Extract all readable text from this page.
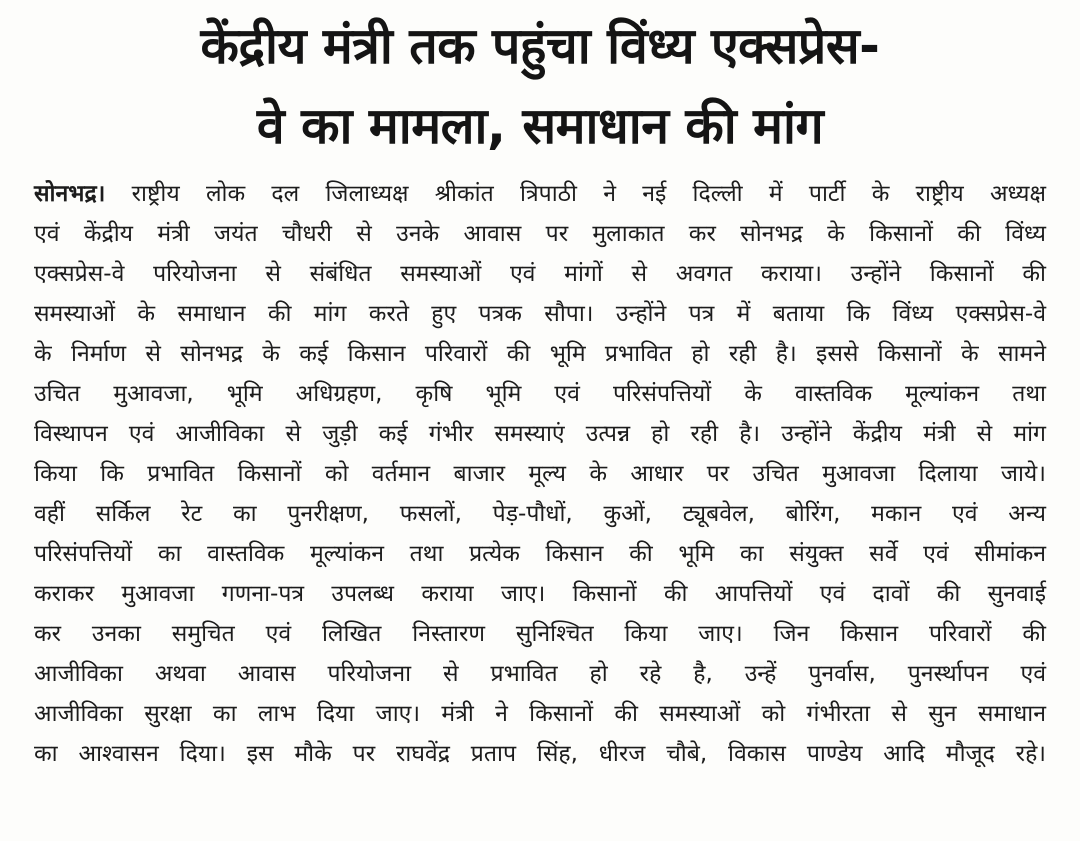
केंद्रीय मंत्री तक पहुंचा विंध्य एक्सप्रेस-
वे का मामला, समाधान की मांग
सोनभद्र। राष्ट्रीय लोक दल जिलाध्यक्ष श्रीकांत त्रिपाठी ने नई दिल्ली में पार्टी के राष्ट्रीय अध्यक्ष
एवं केंद्रीय मंत्री जयंत चौधरी से उनके आवास पर मुलाकात कर सोनभद्र के किसानों की विंध्य
एक्सप्रेस-वे परियोजना से संबंधित समस्याओं एवं मांगों से अवगत कराया। उन्होंने किसानों की
समस्याओं के समाधान की मांग करते हुए पत्रक सौपा। उन्होंने पत्र में बताया कि विंध्य एक्सप्रेस-वे
के निर्माण से सोनभद्र के कई किसान परिवारों की भूमि प्रभावित हो रही है। इससे किसानों के सामने
उचित मुआवजा, भूमि अधिग्रहण, कृषि भूमि एवं परिसंपत्तियों के वास्तविक मूल्यांकन तथा
विस्थापन एवं आजीविका से जुड़ी कई गंभीर समस्याएं उत्पन्न हो रही है। उन्होंने केंद्रीय मंत्री से मांग
किया कि प्रभावित किसानों को वर्तमान बाजार मूल्य के आधार पर उचित मुआवजा दिलाया जाये।
वहीं सर्किल रेट का पुनरीक्षण, फसलों, पेड़-पौधों, कुओं, ट्यूबवेल, बोरिंग, मकान एवं अन्य
परिसंपत्तियों का वास्तविक मूल्यांकन तथा प्रत्येक किसान की भूमि का संयुक्त सर्वे एवं सीमांकन
कराकर मुआवजा गणना-पत्र उपलब्ध कराया जाए। किसानों की आपत्तियों एवं दावों की सुनवाई
कर उनका समुचित एवं लिखित निस्तारण सुनिश्चित किया जाए। जिन किसान परिवारों की
आजीविका अथवा आवास परियोजना से प्रभावित हो रहे है, उन्हें पुनर्वास, पुनर्स्थापन एवं
आजीविका सुरक्षा का लाभ दिया जाए। मंत्री ने किसानों की समस्याओं को गंभीरता से सुन समाधान
का आश्वासन दिया। इस मौके पर राघवेंद्र प्रताप सिंह, धीरज चौबे, विकास पाण्डेय आदि मौजूद रहे।
